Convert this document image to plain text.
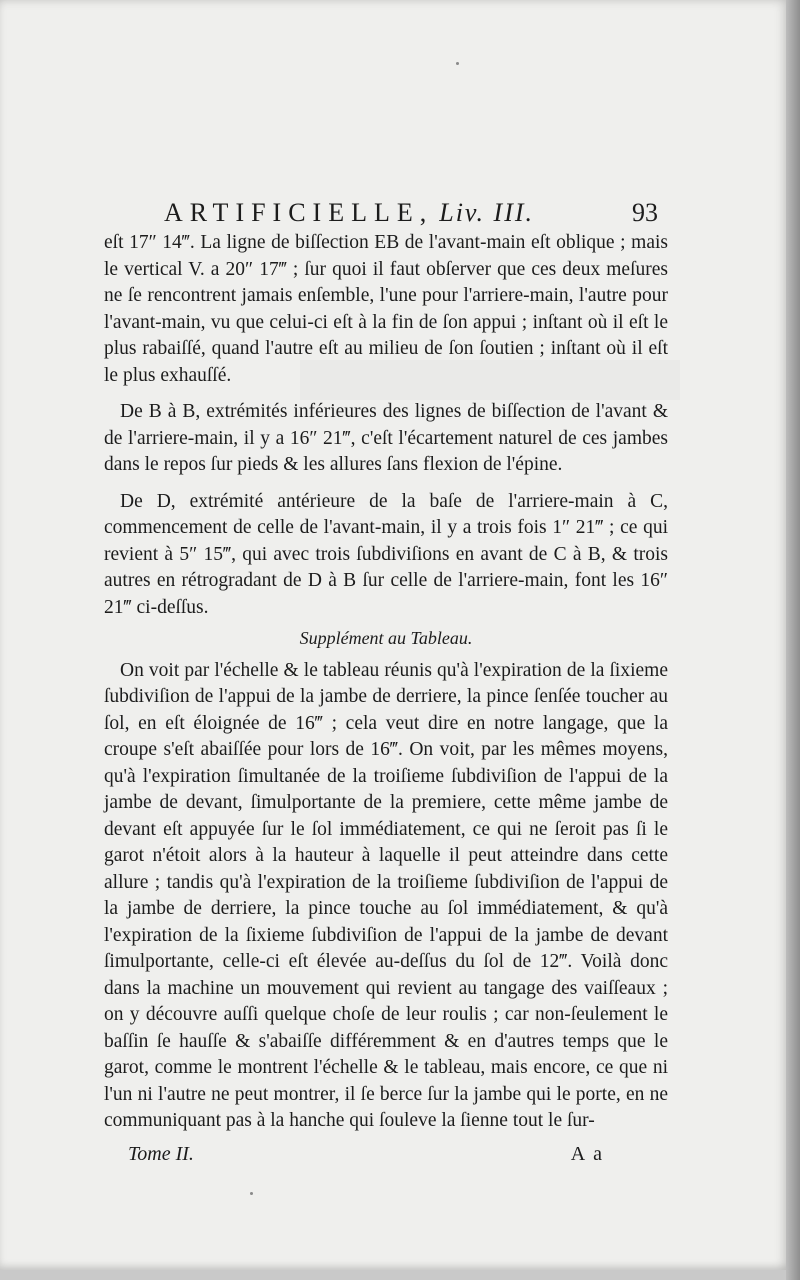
ARTIFICIELLE, Liv. III.	93

eſt 17″ 14‴. La ligne de biſſection EB de l'avant-main eſt oblique ; mais le vertical V. a 20″ 17‴ ; ſur quoi il faut obſerver que ces deux meſures ne ſe rencontrent jamais enſemble, l'une pour l'arriere-main, l'autre pour l'avant-main, vu que celui-ci eſt à la fin de ſon appui ; inſtant où il eſt le plus rabaiſſé, quand l'autre eſt au milieu de ſon ſoutien ; inſtant où il eſt le plus exhauſſé.

De B à B, extrémités inférieures des lignes de biſſection de l'avant & de l'arriere-main, il y a 16″ 21‴, c'eſt l'écartement naturel de ces jambes dans le repos ſur pieds & les allures ſans flexion de l'épine.

De D, extrémité antérieure de la baſe de l'arriere-main à C, commencement de celle de l'avant-main, il y a trois fois 1″ 21‴ ; ce qui revient à 5″ 15‴, qui avec trois ſubdiviſions en avant de C à B, & trois autres en rétrogradant de D à B ſur celle de l'arriere-main, font les 16″ 21‴ ci-deſſus.

Supplément au Tableau.

On voit par l'échelle & le tableau réunis qu'à l'expiration de la ſixieme ſubdiviſion de l'appui de la jambe de derriere, la pince ſenſée toucher au ſol, en eſt éloignée de 16‴ ; cela veut dire en notre langage, que la croupe s'eſt abaiſſée pour lors de 16‴. On voit, par les mêmes moyens, qu'à l'expiration ſimultanée de la troiſieme ſubdiviſion de l'appui de la jambe de devant, ſimulportante de la premiere, cette même jambe de devant eſt appuyée ſur le ſol immédiatement, ce qui ne ſeroit pas ſi le garot n'étoit alors à la hauteur à laquelle il peut atteindre dans cette allure ; tandis qu'à l'expiration de la troiſieme ſubdiviſion de l'appui de la jambe de derriere, la pince touche au ſol immédiatement, & qu'à l'expiration de la ſixieme ſubdiviſion de l'appui de la jambe de devant ſimulportante, celle-ci eſt élevée au-deſſus du ſol de 12‴. Voilà donc dans la machine un mouvement qui revient au tangage des vaiſſeaux ; on y découvre auſſi quelque choſe de leur roulis ; car non-ſeulement le baſſin ſe hauſſe & s'abaiſſe différemment & en d'autres temps que le garot, comme le montrent l'échelle & le tableau, mais encore, ce que ni l'un ni l'autre ne peut montrer, il ſe berce ſur la jambe qui le porte, en ne communiquant pas à la hanche qui ſouleve la ſienne tout le ſur-

Tome II.	A a
